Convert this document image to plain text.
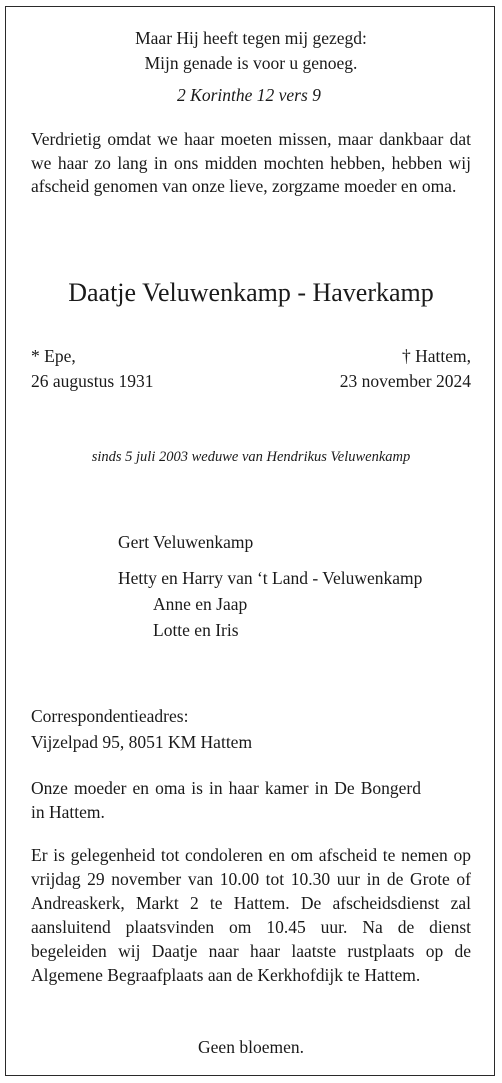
Maar Hij heeft tegen mij gezegd:
Mijn genade is voor u genoeg.
2 Korinthe 12 vers 9
Verdrietig omdat we haar moeten missen, maar dankbaar dat we haar zo lang in ons midden mochten hebben, hebben wij afscheid genomen van onze lieve, zorgzame moeder en oma.
Daatje Veluwenkamp - Haverkamp
* Epe,
26 augustus 1931
† Hattem,
23 november 2024
sinds 5 juli 2003 weduwe van Hendrikus Veluwenkamp
Gert Veluwenkamp
Hetty en Harry van ‘t Land - Veluwenkamp
Anne en Jaap
Lotte en Iris
Correspondentieadres:
Vijzelpad 95, 8051 KM Hattem
Onze moeder en oma is in haar kamer in De Bongerd in Hattem.
Er is gelegenheid tot condoleren en om afscheid te nemen op vrijdag 29 november van 10.00 tot 10.30 uur in de Grote of Andreaskerk, Markt 2 te Hattem. De afscheidsdienst zal aansluitend plaatsvinden om 10.45 uur. Na de dienst begeleiden wij Daatje naar haar laatste rustplaats op de Algemene Begraafplaats aan de Kerkhofdijk te Hattem.
Geen bloemen.
